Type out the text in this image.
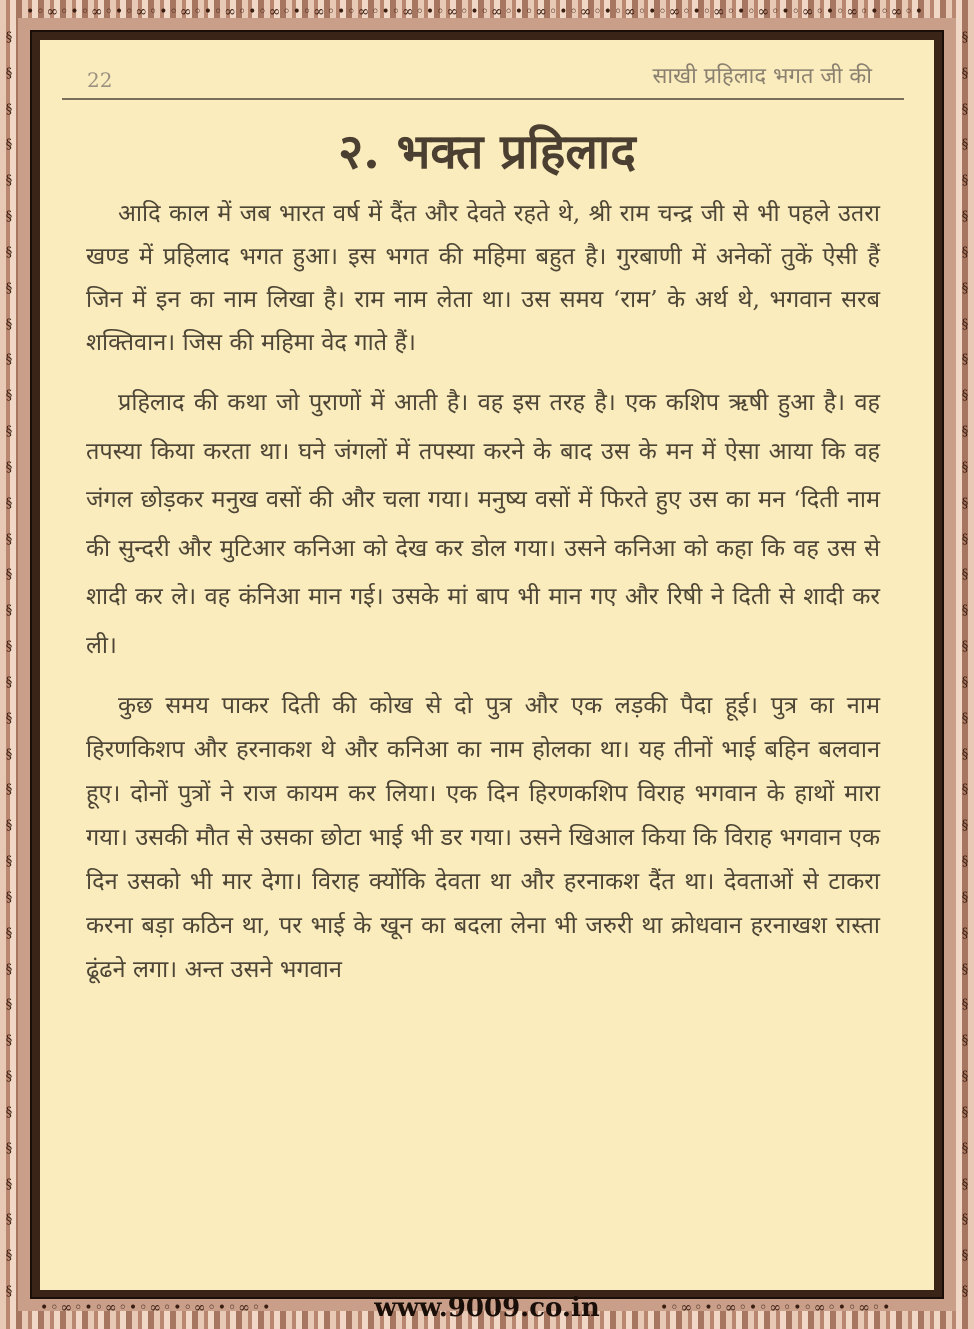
•◦∞◦•◦∞◦•◦∞◦•◦∞◦•◦∞◦•◦∞◦•◦∞◦•◦∞◦•◦∞◦•◦∞◦•◦∞◦•◦∞◦•◦∞◦•◦∞◦•◦∞◦•◦∞◦•◦∞◦•◦∞◦•◦∞◦•◦∞◦•
§
§
§
§
§
§
§
§
§
§
§
§
§
§
§
§
§
§
§
§
§
§
§
§
§
§
§
§
§
§
§
§
§
§
§
§
§
§
§
§
§
§
§
§
§
§
§
§
§
§
§
§
§
§
§
§
§
§
§
§
§
§
§
§
§
§
§
§
§
§
§
§
22	साखी प्रहिलाद भगत जी की
२. भक्त प्रहिलाद

आदि काल में जब भारत वर्ष में दैंत और देवते रहते थे, श्री राम चन्द्र जी से भी पहले उतरा खण्ड में प्रहिलाद भगत हुआ। इस भगत की महिमा बहुत है। गुरबाणी में अनेकों तुकें ऐसी हैं जिन में इन का नाम लिखा है। राम नाम लेता था। उस समय ‘राम’ के अर्थ थे, भगवान सरब शक्तिवान। जिस की महिमा वेद गाते हैं।

प्रहिलाद की कथा जो पुराणों में आती है। वह इस तरह है। एक कशिप ऋषी हुआ है। वह तपस्या किया करता था। घने जंगलों में तपस्या करने के बाद उस के मन में ऐसा आया कि वह जंगल छोड़कर मनुख वसों की और चला गया। मनुष्य वसों में फिरते हुए उस का मन ‘दिती नाम की सुन्दरी और मुटिआर कनिआ को देख कर डोल गया। उसने कनिआ को कहा कि वह उस से शादी कर ले। वह कंनिआ मान गई। उसके मां बाप भी मान गए और रिषी ने दिती से शादी कर ली।

कुछ समय पाकर दिती की कोख से दो पुत्र और एक लड़की पैदा हूई। पुत्र का नाम हिरणकिशप और हरनाकश थे और कनिआ का नाम होलका था। यह तीनों भाई बहिन बलवान हूए। दोनों पुत्रों ने राज कायम कर लिया। एक दिन हिरणकशिप विराह भगवान के हाथों मारा गया। उसकी मौत से उसका छोटा भाई भी डर गया। उसने खिआल किया कि विराह भगवान एक दिन उसको भी मार देगा। विराह क्योंकि देवता था और हरनाकश दैंत था। देवताओं से टाकरा करना बड़ा कठिन था, पर भाई के खून का बदला लेना भी जरुरी था क्रोधवान हरनाखश रास्ता ढूंढने लगा। अन्त उसने भगवान

•◦∞◦•◦∞◦•◦∞◦•◦∞◦•◦∞◦•	•◦∞◦•◦∞◦•◦∞◦•◦∞◦•◦∞◦•
www.9009.co.in
